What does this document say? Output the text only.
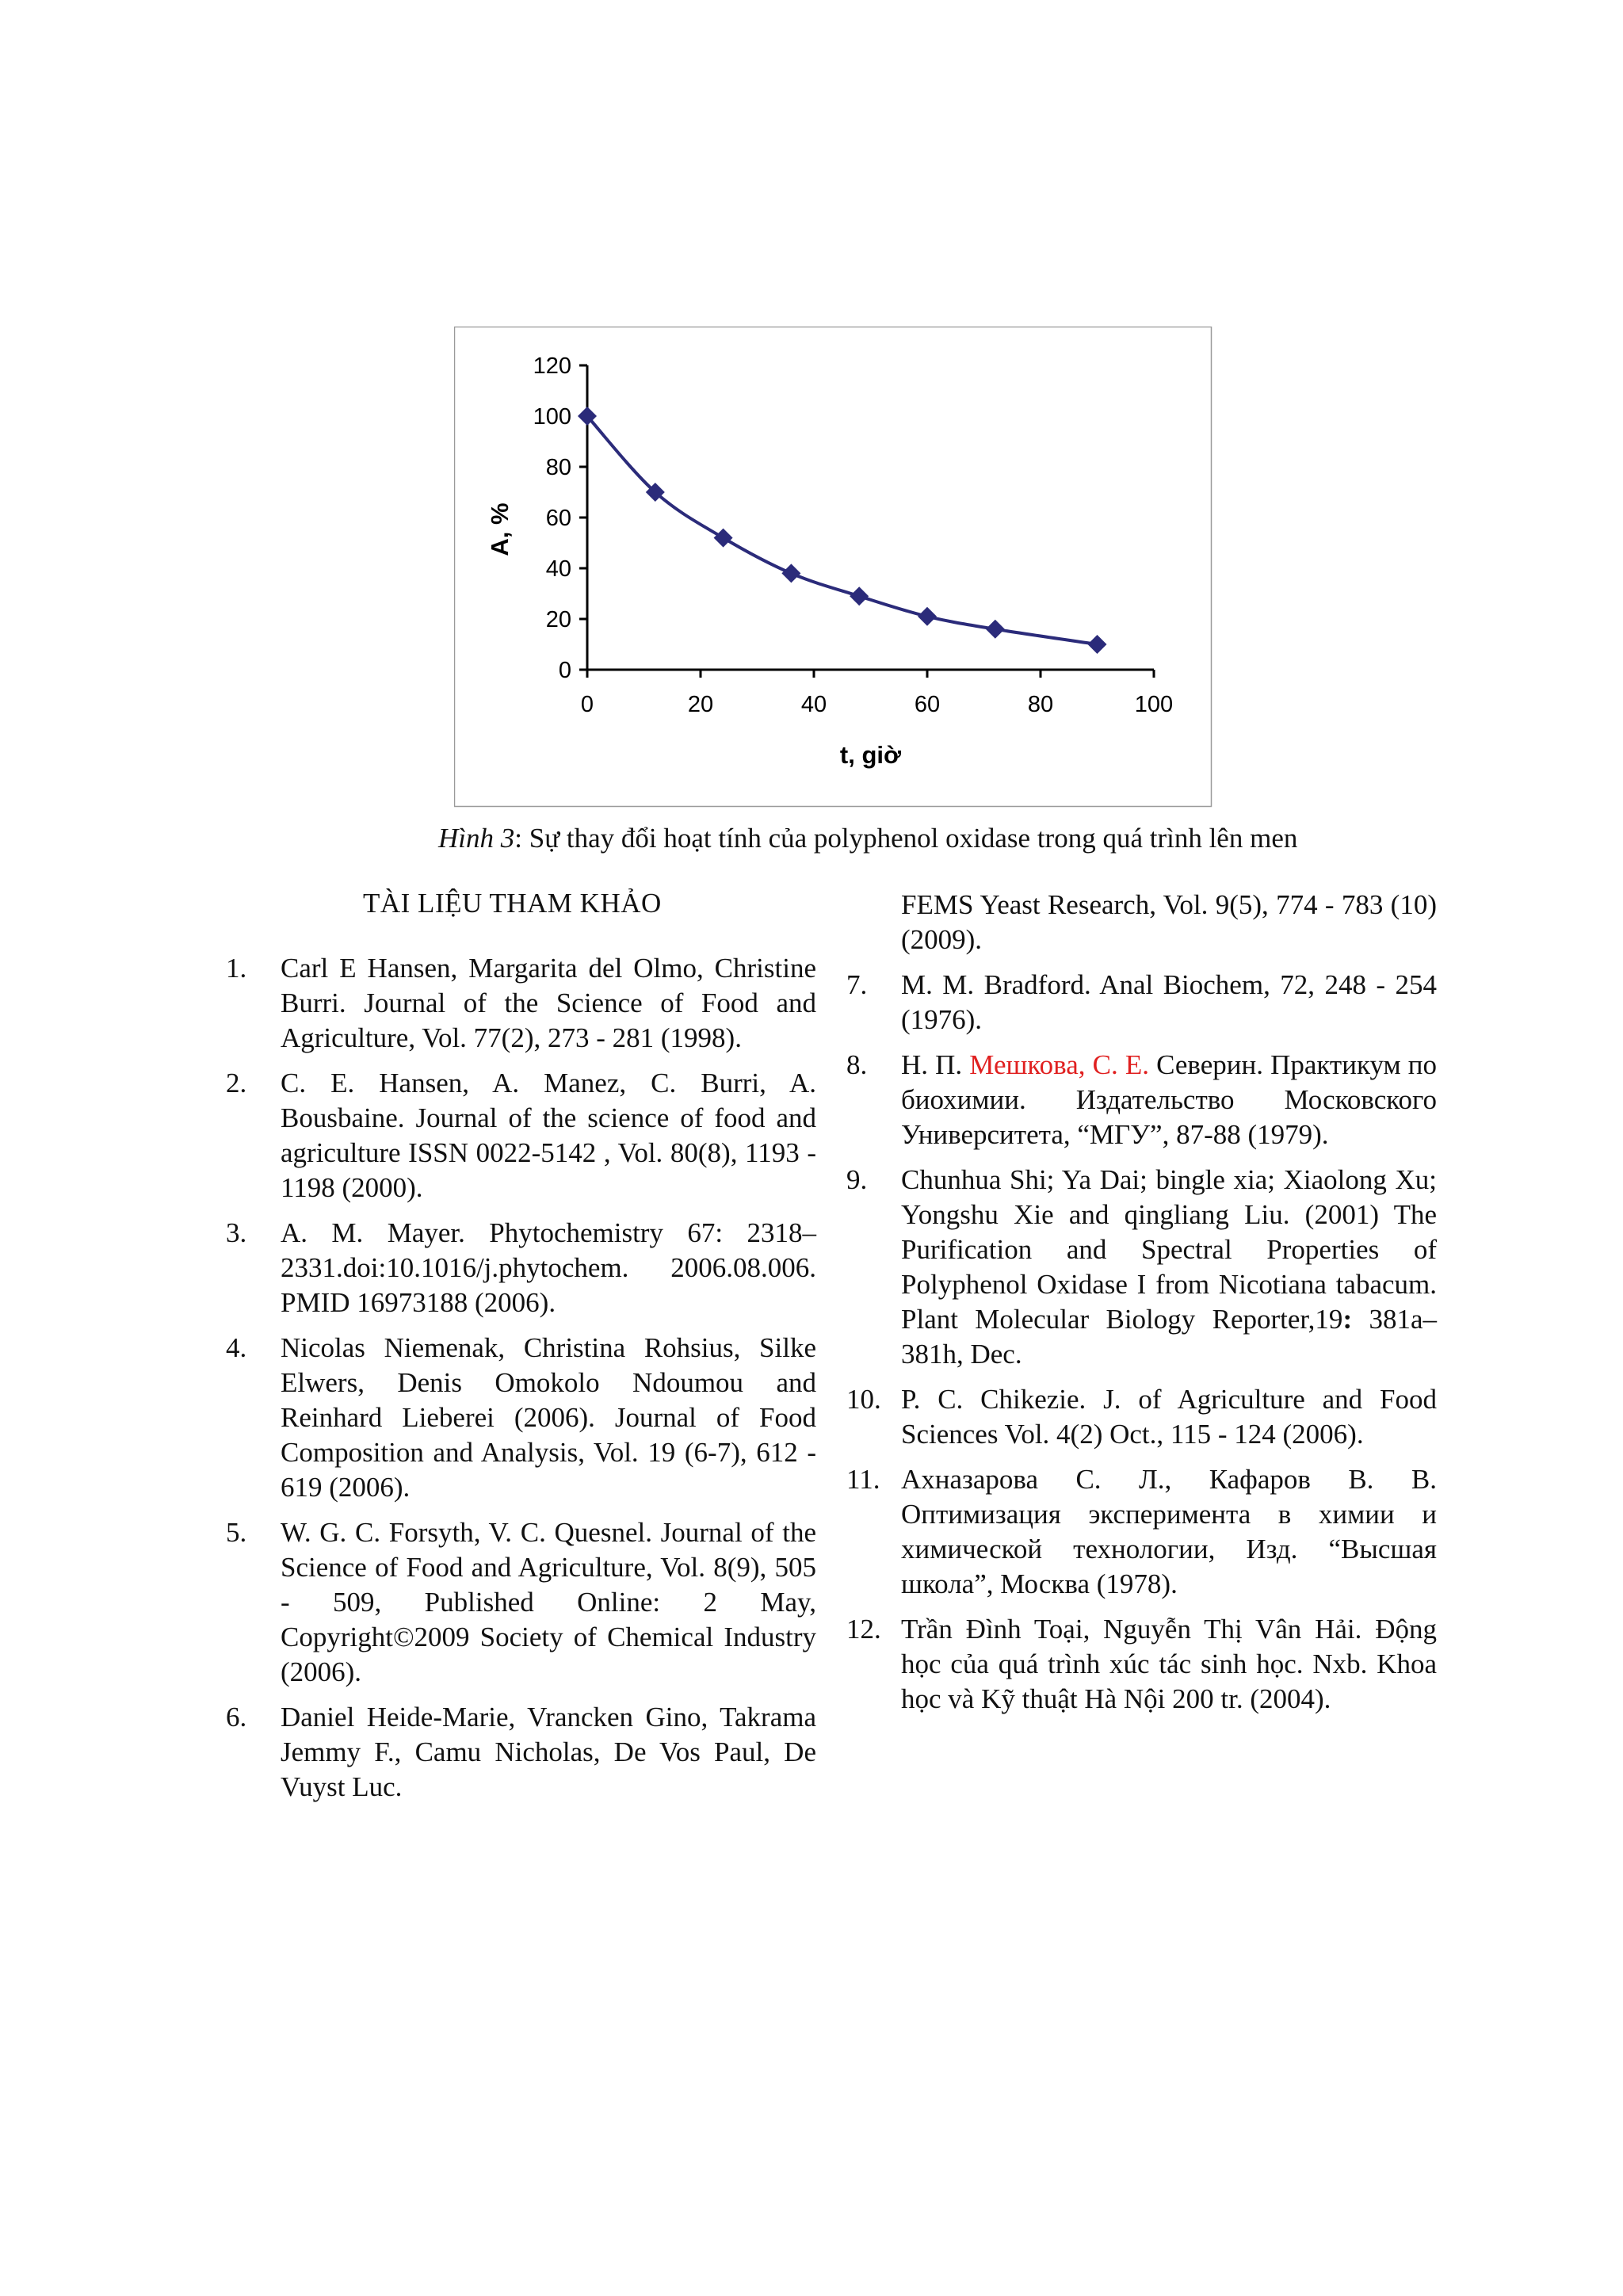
0
20
40
60
80
100
120
0	20	40	60	80	100
t, giờ
A, %
Hình 3: Sự thay đổi hoạt tính của polyphenol oxidase trong quá trình lên men
TÀI LIỆU THAM KHẢO
1. Carl E Hansen, Margarita del Olmo, Christine Burri. Journal of the Science of Food and Agriculture, Vol. 77(2), 273 - 281 (1998).
2. C. E. Hansen, A. Manez, C. Burri, A. Bousbaine. Journal of the science of food and agriculture ISSN 0022-5142 , Vol. 80(8), 1193 - 1198 (2000).
3. A. M. Mayer. Phytochemistry 67: 2318–2331.doi:10.1016/j.phytochem. 2006.08.006. PMID 16973188 (2006).
4. Nicolas Niemenak, Christina Rohsius, Silke Elwers, Denis Omokolo Ndoumou and Reinhard Lieberei (2006). Journal of Food Composition and Analysis, Vol. 19 (6-7), 612 - 619 (2006).
5. W. G. C. Forsyth, V. C. Quesnel. Journal of the Science of Food and Agriculture, Vol. 8(9), 505 - 509, Published Online: 2 May, Copyright©2009 Society of Chemical Industry (2006).
6. Daniel Heide-Marie, Vrancken Gino, Takrama Jemmy F., Camu Nicholas, De Vos Paul, De Vuyst Luc.
FEMS Yeast Research, Vol. 9(5), 774 - 783 (10) (2009).
7. M. M. Bradford. Anal Biochem, 72, 248 - 254 (1976).
8. Н. П. Мешкова, С. Е. Северин. Практикум по биохимии. Издательство Московского Университета, “МГУ”, 87-88 (1979).
9. Chunhua Shi; Ya Dai; bingle xia; Xiaolong Xu; Yongshu Xie and qingliang Liu. (2001) The Purification and Spectral Properties of Polyphenol Oxidase I from Nicotiana tabacum. Plant Molecular Biology Reporter,19: 381a–381h, Dec.
10. P. C. Chikezie. J. of Agriculture and Food Sciences Vol. 4(2) Oct., 115 - 124 (2006).
11. Ахназарова С. Л., Кафаров В. В. Оптимизация эксперимента в химии и химической технологии, Изд. “Высшая школа”, Москва (1978).
12. Trần Đình Toại, Nguyễn Thị Vân Hải. Động học của quá trình xúc tác sinh học. Nxb. Khoa học và Kỹ thuật Hà Nội 200 tr. (2004).
